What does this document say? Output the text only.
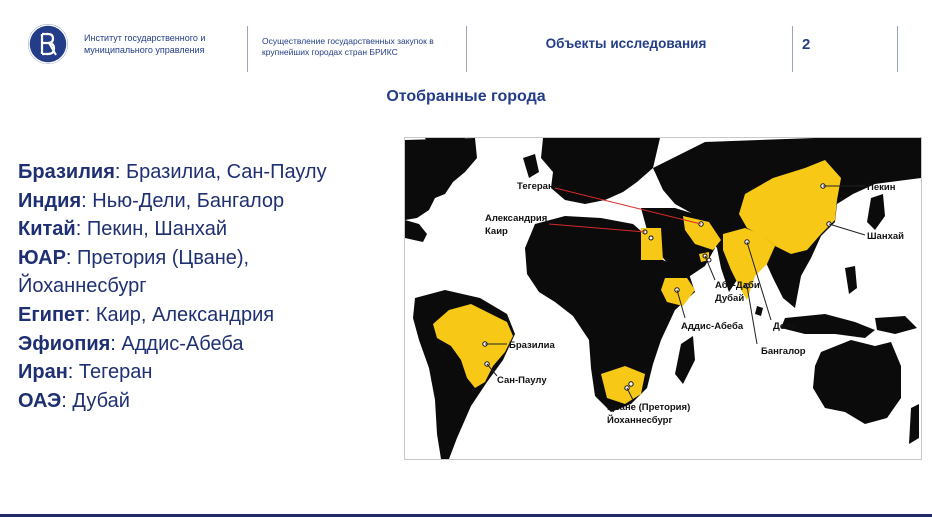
Институт государственного и
муниципального управления
Осуществление государственных закупок в
крупнейших городах стран БРИКС
Объекты исследования	2
Отобранные города
Бразилия: Бразилиа, Сан-Паулу
Индия: Нью-Дели, Бангалор
Китай: Пекин, Шанхай
ЮАР: Претория (Цване),
Йоханнесбург
Египет: Каир, Александрия
Эфиопия: Аддис-Абеба
Иран: Тегеран
ОАЭ: Дубай
Тегеран
Александрия
Каир
Пекин
Шанхай
Абу-Даби
Дубай
Аддис-Абеба	Дели
Бангалор
Бразилиа
Сан-Паулу
Цване (Претория)
Йоханнесбург
